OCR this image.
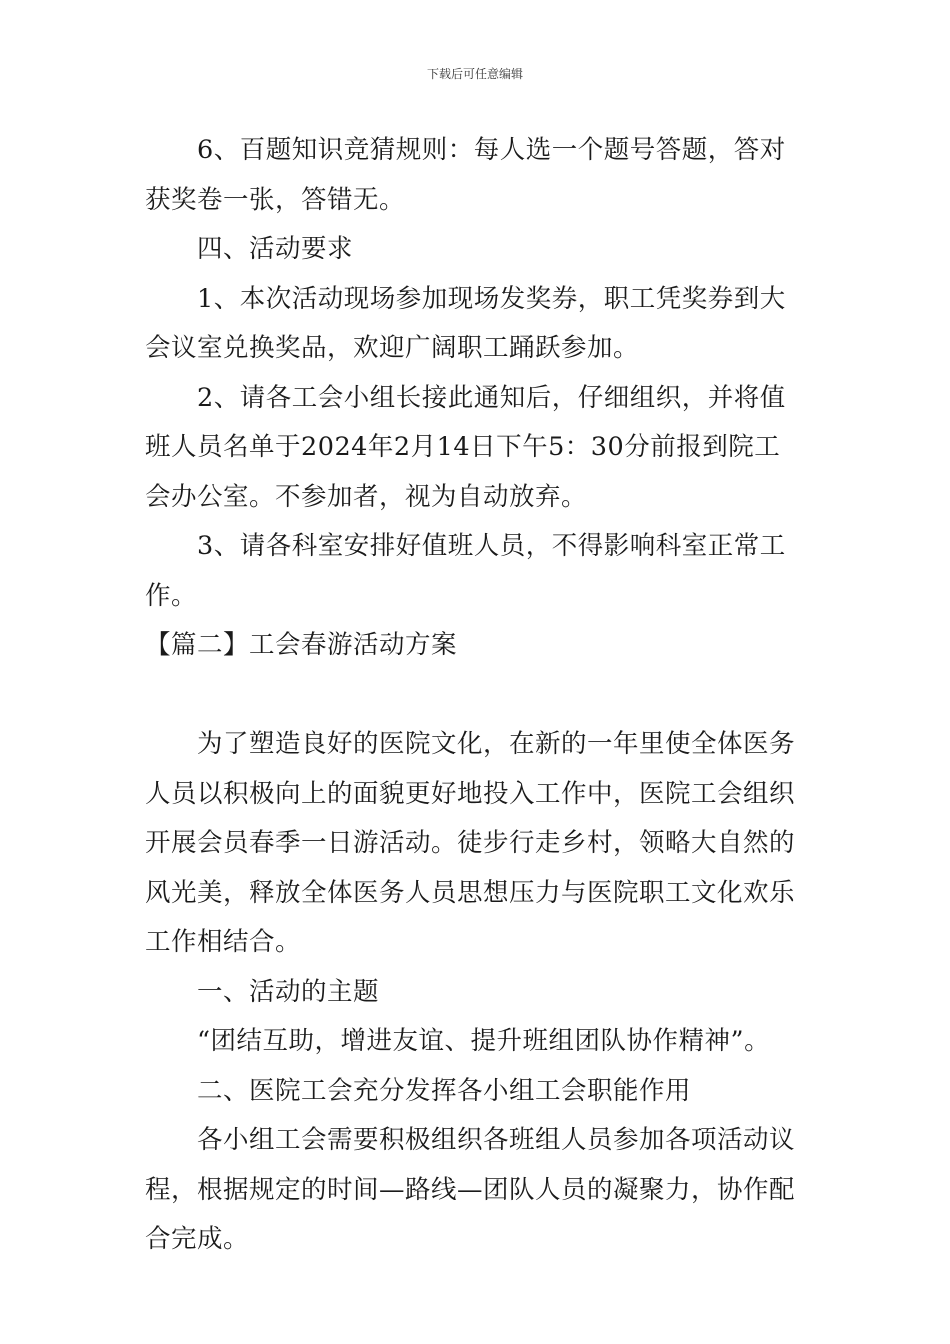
下载后可任意编辑

6、百题知识竞猜规则：每人选一个题号答题，答对获奖卷一张，答错无。

四、活动要求

1、本次活动现场参加现场发奖券，职工凭奖券到大会议室兑换奖品，欢迎广阔职工踊跃参加。

2、请各工会小组长接此通知后，仔细组织，并将值班人员名单于2024年2月14日下午5：30分前报到院工会办公室。不参加者，视为自动放弃。

3、请各科室安排好值班人员，不得影响科室正常工作。

【篇二】工会春游活动方案

为了塑造良好的医院文化，在新的一年里使全体医务人员以积极向上的面貌更好地投入工作中，医院工会组织开展会员春季一日游活动。徒步行走乡村，领略大自然的风光美，释放全体医务人员思想压力与医院职工文化欢乐工作相结合。

一、活动的主题

“团结互助，增进友谊、提升班组团队协作精神”。

二、医院工会充分发挥各小组工会职能作用

各小组工会需要积极组织各班组人员参加各项活动议程，根据规定的时间—路线—团队人员的凝聚力，协作配合完成。
